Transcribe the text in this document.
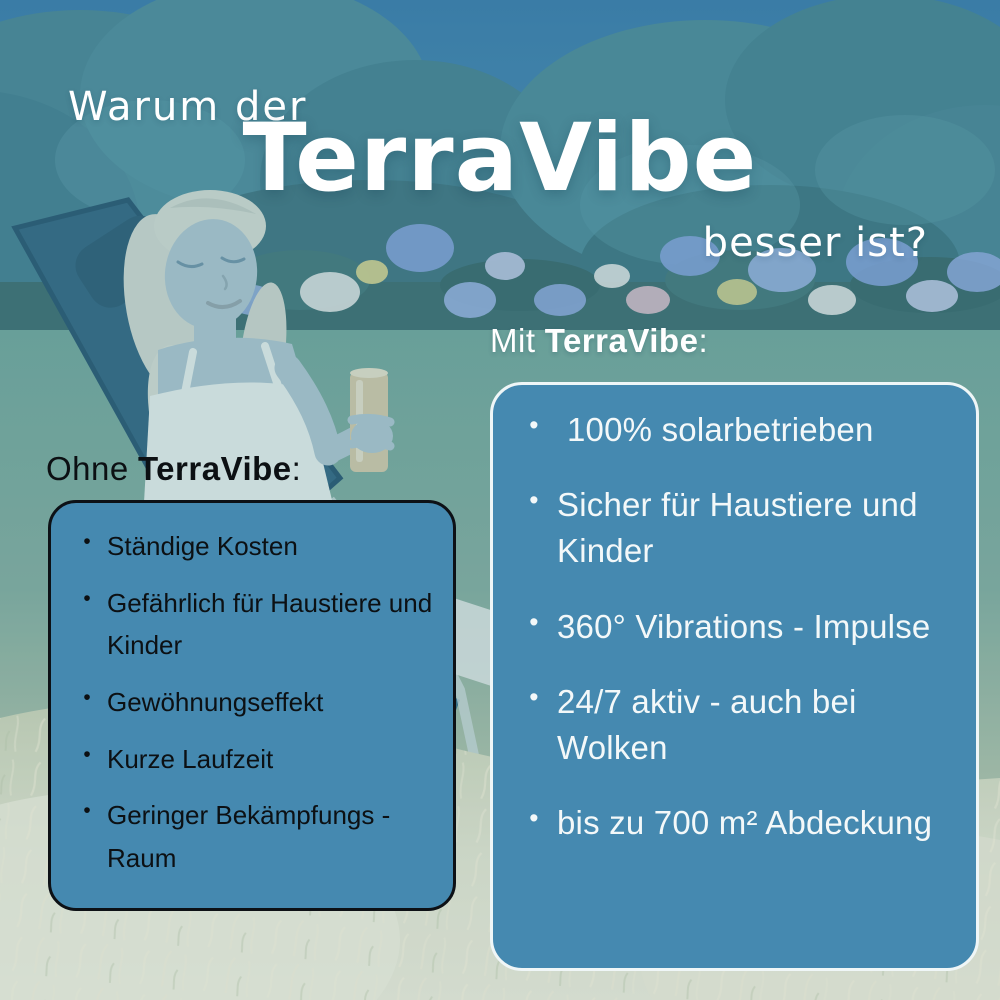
Warum der
TerraVibe
besser ist?
Mit TerraVibe:
• 100% solarbetrieben
• Sicher für Haustiere und Kinder
• 360° Vibrations - Impulse
• 24/7 aktiv - auch bei Wolken
• bis zu 700 m² Abdeckung
Ohne TerraVibe:
• Ständige Kosten
• Gefährlich für Haustiere und Kinder
• Gewöhnungseffekt
• Kurze Laufzeit
• Geringer Bekämpfungs - Raum
